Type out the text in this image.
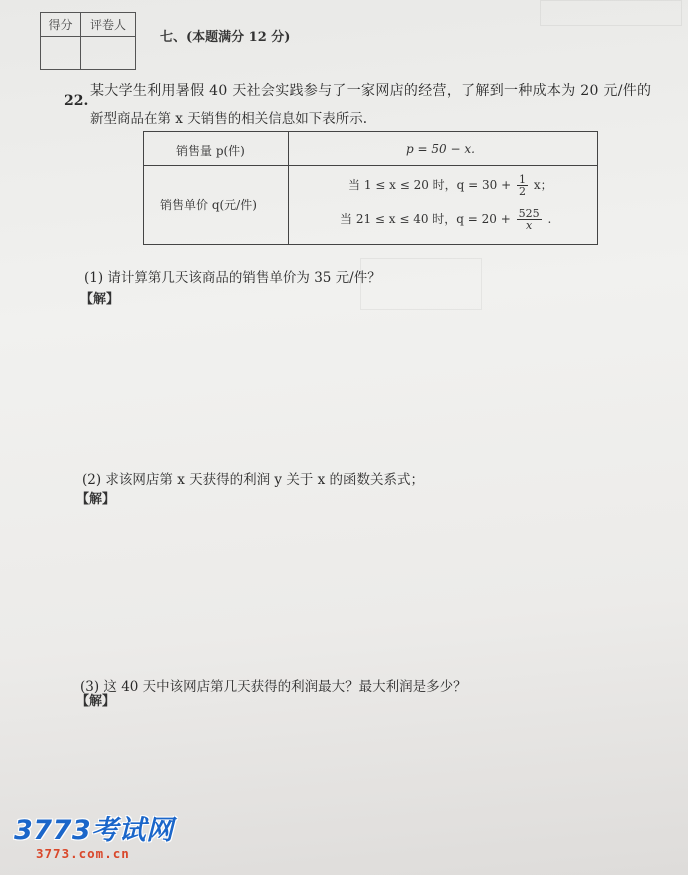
得分	评卷人
七、(本题满分 12 分)
22.
某大学生利用暑假 40 天社会实践参与了一家网店的经营，了解到一种成本为 20 元/件的
新型商品在第 x 天销售的相关信息如下表所示.
销售量 p(件)	p = 50 − x.
销售单价 q(元/件)
当 1 ≤ x ≤ 20 时，$q = 30 + \frac{1}{2}$ x；
当 21 ≤ x ≤ 40 时，$q = 20 + \frac{525}{x}$ .
(1) 请计算第几天该商品的销售单价为 35 元/件？
【解】
(2) 求该网店第 x 天获得的利润 y 关于 x 的函数关系式；
【解】
(3) 这 40 天中该网店第几天获得的利润最大？最大利润是多少？
【解】
3773考试网
3773.com.cn
